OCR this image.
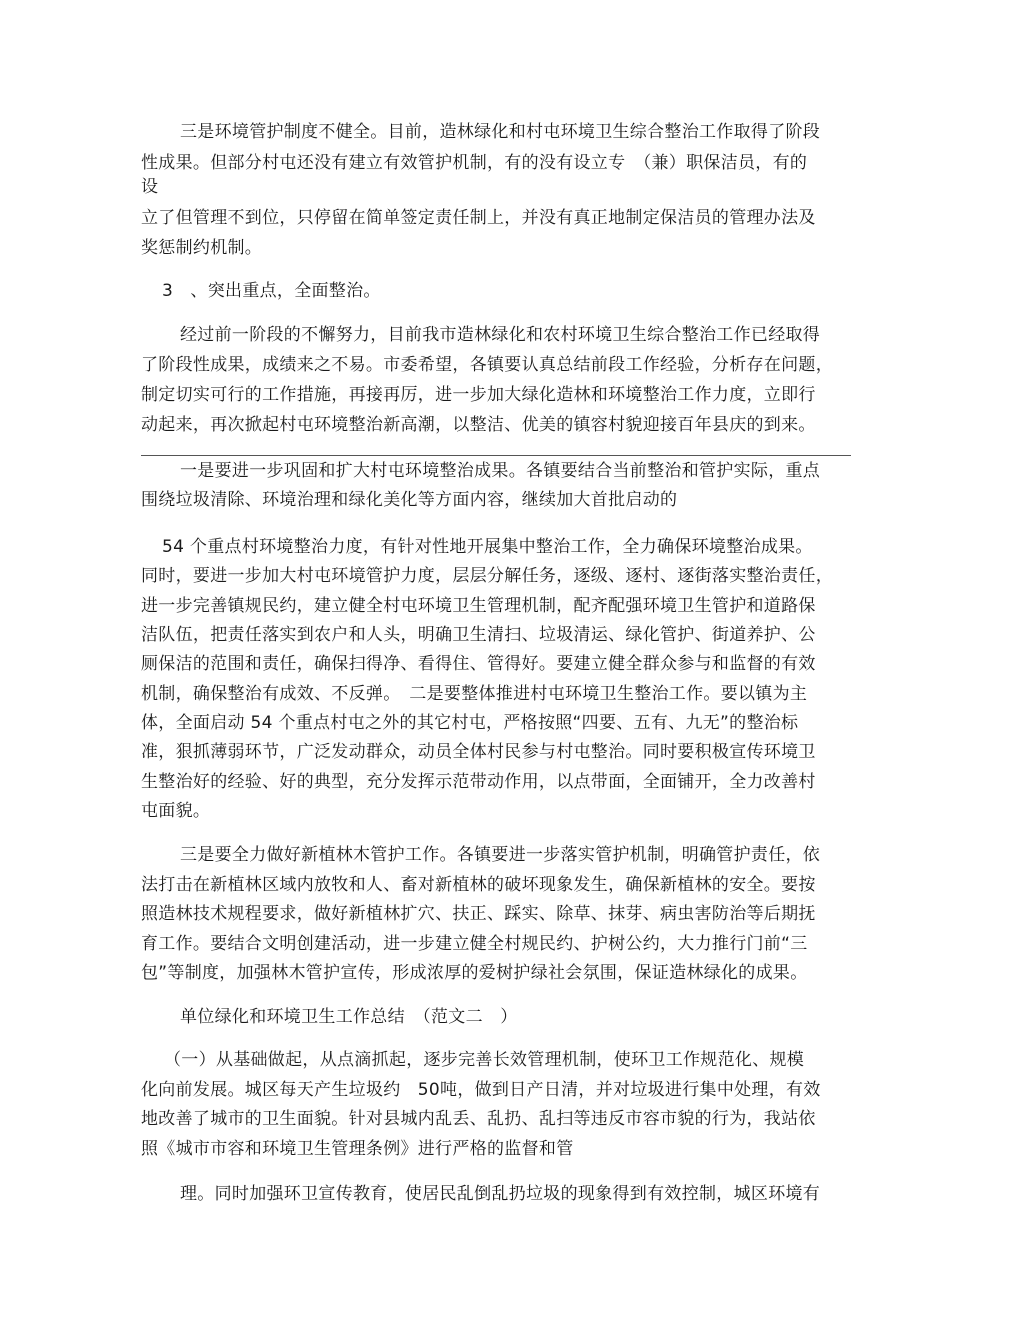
三是环境管护制度不健全。目前，造林绿化和村屯环境卫生综合整治工作取得了阶段
性成果。但部分村屯还没有建立有效管护机制，有的没有设立专　（兼）职保洁员，有的
设
立了但管理不到位，只停留在简单签定责任制上，并没有真正地制定保洁员的管理办法及
奖惩制约机制。
3　、突出重点，全面整治。
经过前一阶段的不懈努力，目前我市造林绿化和农村环境卫生综合整治工作已经取得
了阶段性成果，成绩来之不易。市委希望，各镇要认真总结前段工作经验，分析存在问题，
制定切实可行的工作措施，再接再厉，进一步加大绿化造林和环境整治工作力度，立即行
动起来，再次掀起村屯环境整治新高潮，以整洁、优美的镇容村貌迎接百年县庆的到来。
一是要进一步巩固和扩大村屯环境整治成果。各镇要结合当前整治和管护实际，重点
围绕垃圾清除、环境治理和绿化美化等方面内容，继续加大首批启动的
54 个重点村环境整治力度，有针对性地开展集中整治工作，全力确保环境整治成果。
同时，要进一步加大村屯环境管护力度，层层分解任务，逐级、逐村、逐街落实整治责任，
进一步完善镇规民约，建立健全村屯环境卫生管理机制，配齐配强环境卫生管护和道路保
洁队伍，把责任落实到农户和人头，明确卫生清扫、垃圾清运、绿化管护、街道养护、公
厕保洁的范围和责任，确保扫得净、看得住、管得好。要建立健全群众参与和监督的有效
机制，确保整治有成效、不反弹。　二是要整体推进村屯环境卫生整治工作。要以镇为主
体，全面启动 54 个重点村屯之外的其它村屯，严格按照“四要、五有、九无”的整治标
准，狠抓薄弱环节，广泛发动群众，动员全体村民参与村屯整治。同时要积极宣传环境卫
生整治好的经验、好的典型，充分发挥示范带动作用，以点带面，全面铺开，全力改善村
屯面貌。
三是要全力做好新植林木管护工作。各镇要进一步落实管护机制，明确管护责任，依
法打击在新植林区域内放牧和人、畜对新植林的破坏现象发生，确保新植林的安全。要按
照造林技术规程要求，做好新植林扩穴、扶正、踩实、除草、抹芽、病虫害防治等后期抚
育工作。要结合文明创建活动，进一步建立健全村规民约、护树公约，大力推行门前“三
包”等制度，加强林木管护宣传，形成浓厚的爱树护绿社会氛围，保证造林绿化的成果。
单位绿化和环境卫生工作总结　（范文二　）
（一）从基础做起，从点滴抓起，逐步完善长效管理机制，使环卫工作规范化、规模
化向前发展。城区每天产生垃圾约　50吨，做到日产日清，并对垃圾进行集中处理，有效
地改善了城市的卫生面貌。针对县城内乱丢、乱扔、乱扫等违反市容市貌的行为，我站依
照《城市市容和环境卫生管理条例》进行严格的监督和管
理。同时加强环卫宣传教育，使居民乱倒乱扔垃圾的现象得到有效控制，城区环境有
